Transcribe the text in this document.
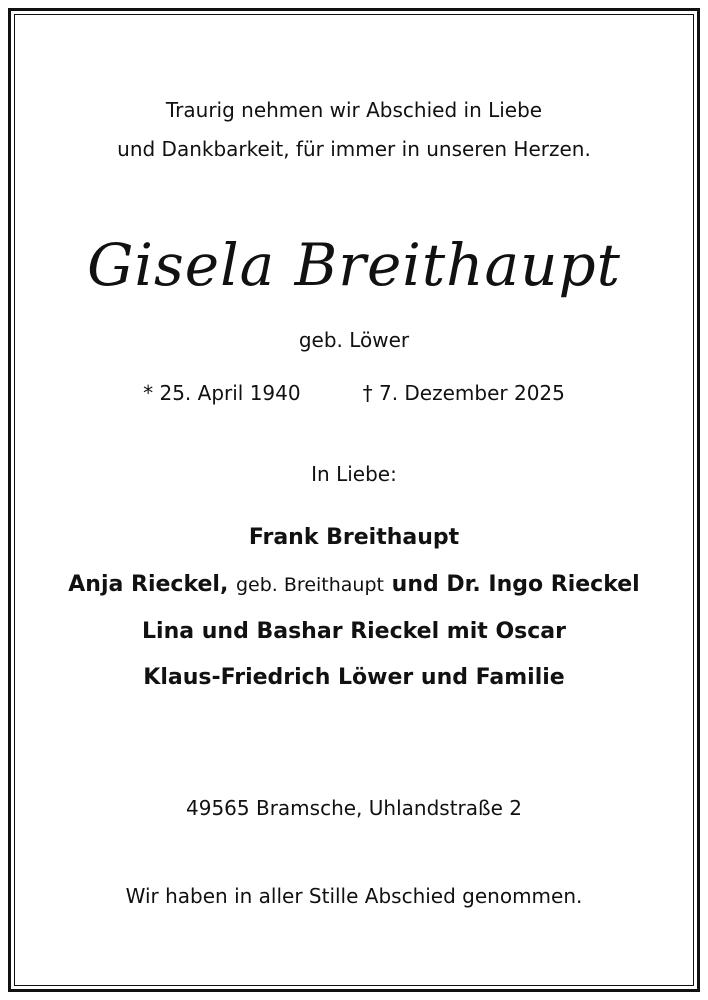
Traurig nehmen wir Abschied in Liebe
und Dankbarkeit, für immer in unseren Herzen.
Gisela Breithaupt
geb. Löwer
* 25. April 1940	† 7. Dezember 2025
In Liebe:
Frank Breithaupt
Anja Rieckel, geb. Breithaupt und Dr. Ingo Rieckel
Lina und Bashar Rieckel mit Oscar
Klaus-Friedrich Löwer und Familie
49565 Bramsche, Uhlandstraße 2
Wir haben in aller Stille Abschied genommen.
